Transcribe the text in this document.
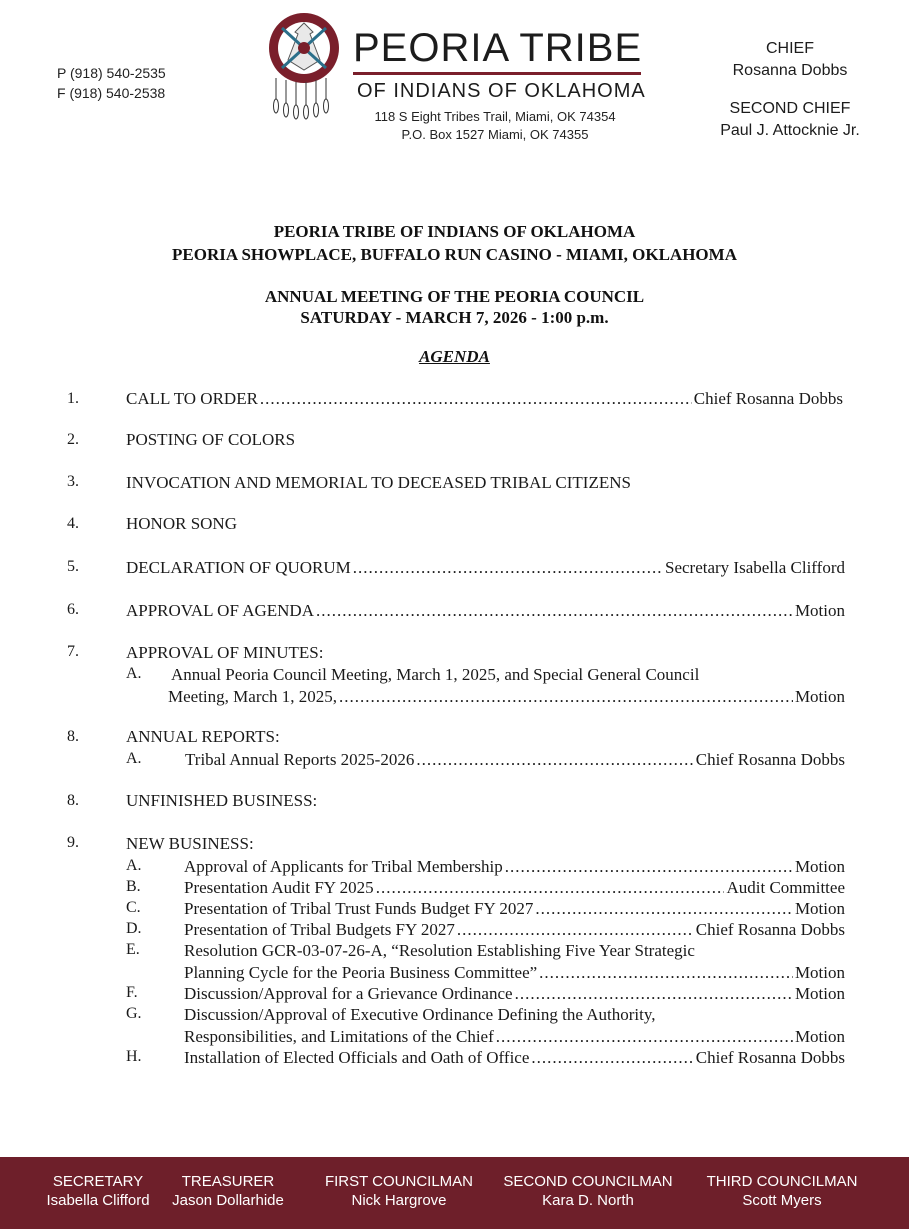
P (918) 540-2535
F (918) 540-2538
PEORIA TRIBE
OF INDIANS OF OKLAHOMA
118 S Eight Tribes Trail, Miami, OK 74354
P.O. Box 1527 Miami, OK 74355
CHIEF
Rosanna Dobbs
SECOND CHIEF
Paul J. Attocknie Jr.
PEORIA TRIBE OF INDIANS OF OKLAHOMA
PEORIA SHOWPLACE, BUFFALO RUN CASINO - MIAMI, OKLAHOMA
ANNUAL MEETING OF THE PEORIA COUNCIL
SATURDAY - MARCH 7, 2026 - 1:00 p.m.
AGENDA
1.	CALL TO ORDER .....	Chief Rosanna Dobbs
2.	POSTING OF COLORS
3.	INVOCATION AND MEMORIAL TO DECEASED TRIBAL CITIZENS
4.	HONOR SONG
5.	DECLARATION OF QUORUM .....	Secretary Isabella Clifford
6.	APPROVAL OF AGENDA .....	Motion
7.	APPROVAL OF MINUTES:
A. Annual Peoria Council Meeting, March 1, 2025, and Special General Council
Meeting, March 1, 2025, .....	Motion
8.	ANNUAL REPORTS:
A.	Tribal Annual Reports 2025-2026 .....	Chief Rosanna Dobbs
8.	UNFINISHED BUSINESS:
9.	NEW BUSINESS:
A. Approval of Applicants for Tribal Membership .....	Motion
B.	Presentation Audit FY 2025 .....	Audit Committee
C.	Presentation of Tribal Trust Funds Budget FY 2027 .....	Motion
D. Presentation of Tribal Budgets FY 2027 .....	Chief Rosanna Dobbs
E.	Resolution GCR-03-07-26-A, “Resolution Establishing Five Year Strategic
Planning Cycle for the Peoria Business Committee” .....	Motion
F.	Discussion/Approval for a Grievance Ordinance .....	Motion
G. Discussion/Approval of Executive Ordinance Defining the Authority,
Responsibilities, and Limitations of the Chief .....	Motion
H. Installation of Elected Officials and Oath of Office .....	Chief Rosanna Dobbs
SECRETARY
Isabella Clifford
TREASURER
Jason Dollarhide
FIRST COUNCILMAN
Nick Hargrove
SECOND COUNCILMAN
Kara D. North
THIRD COUNCILMAN
Scott Myers
